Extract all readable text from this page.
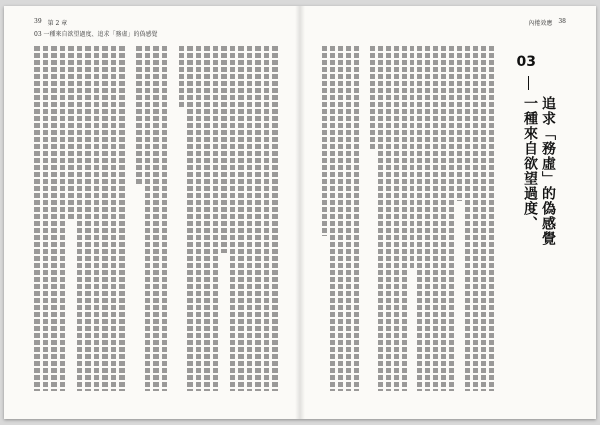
39 第 2 章
03 一種來自欲望過度、追求「務虛」的偽感覺
內捲效應 38
03
一種來自欲望過度、 追求「務虛」的偽感覺
